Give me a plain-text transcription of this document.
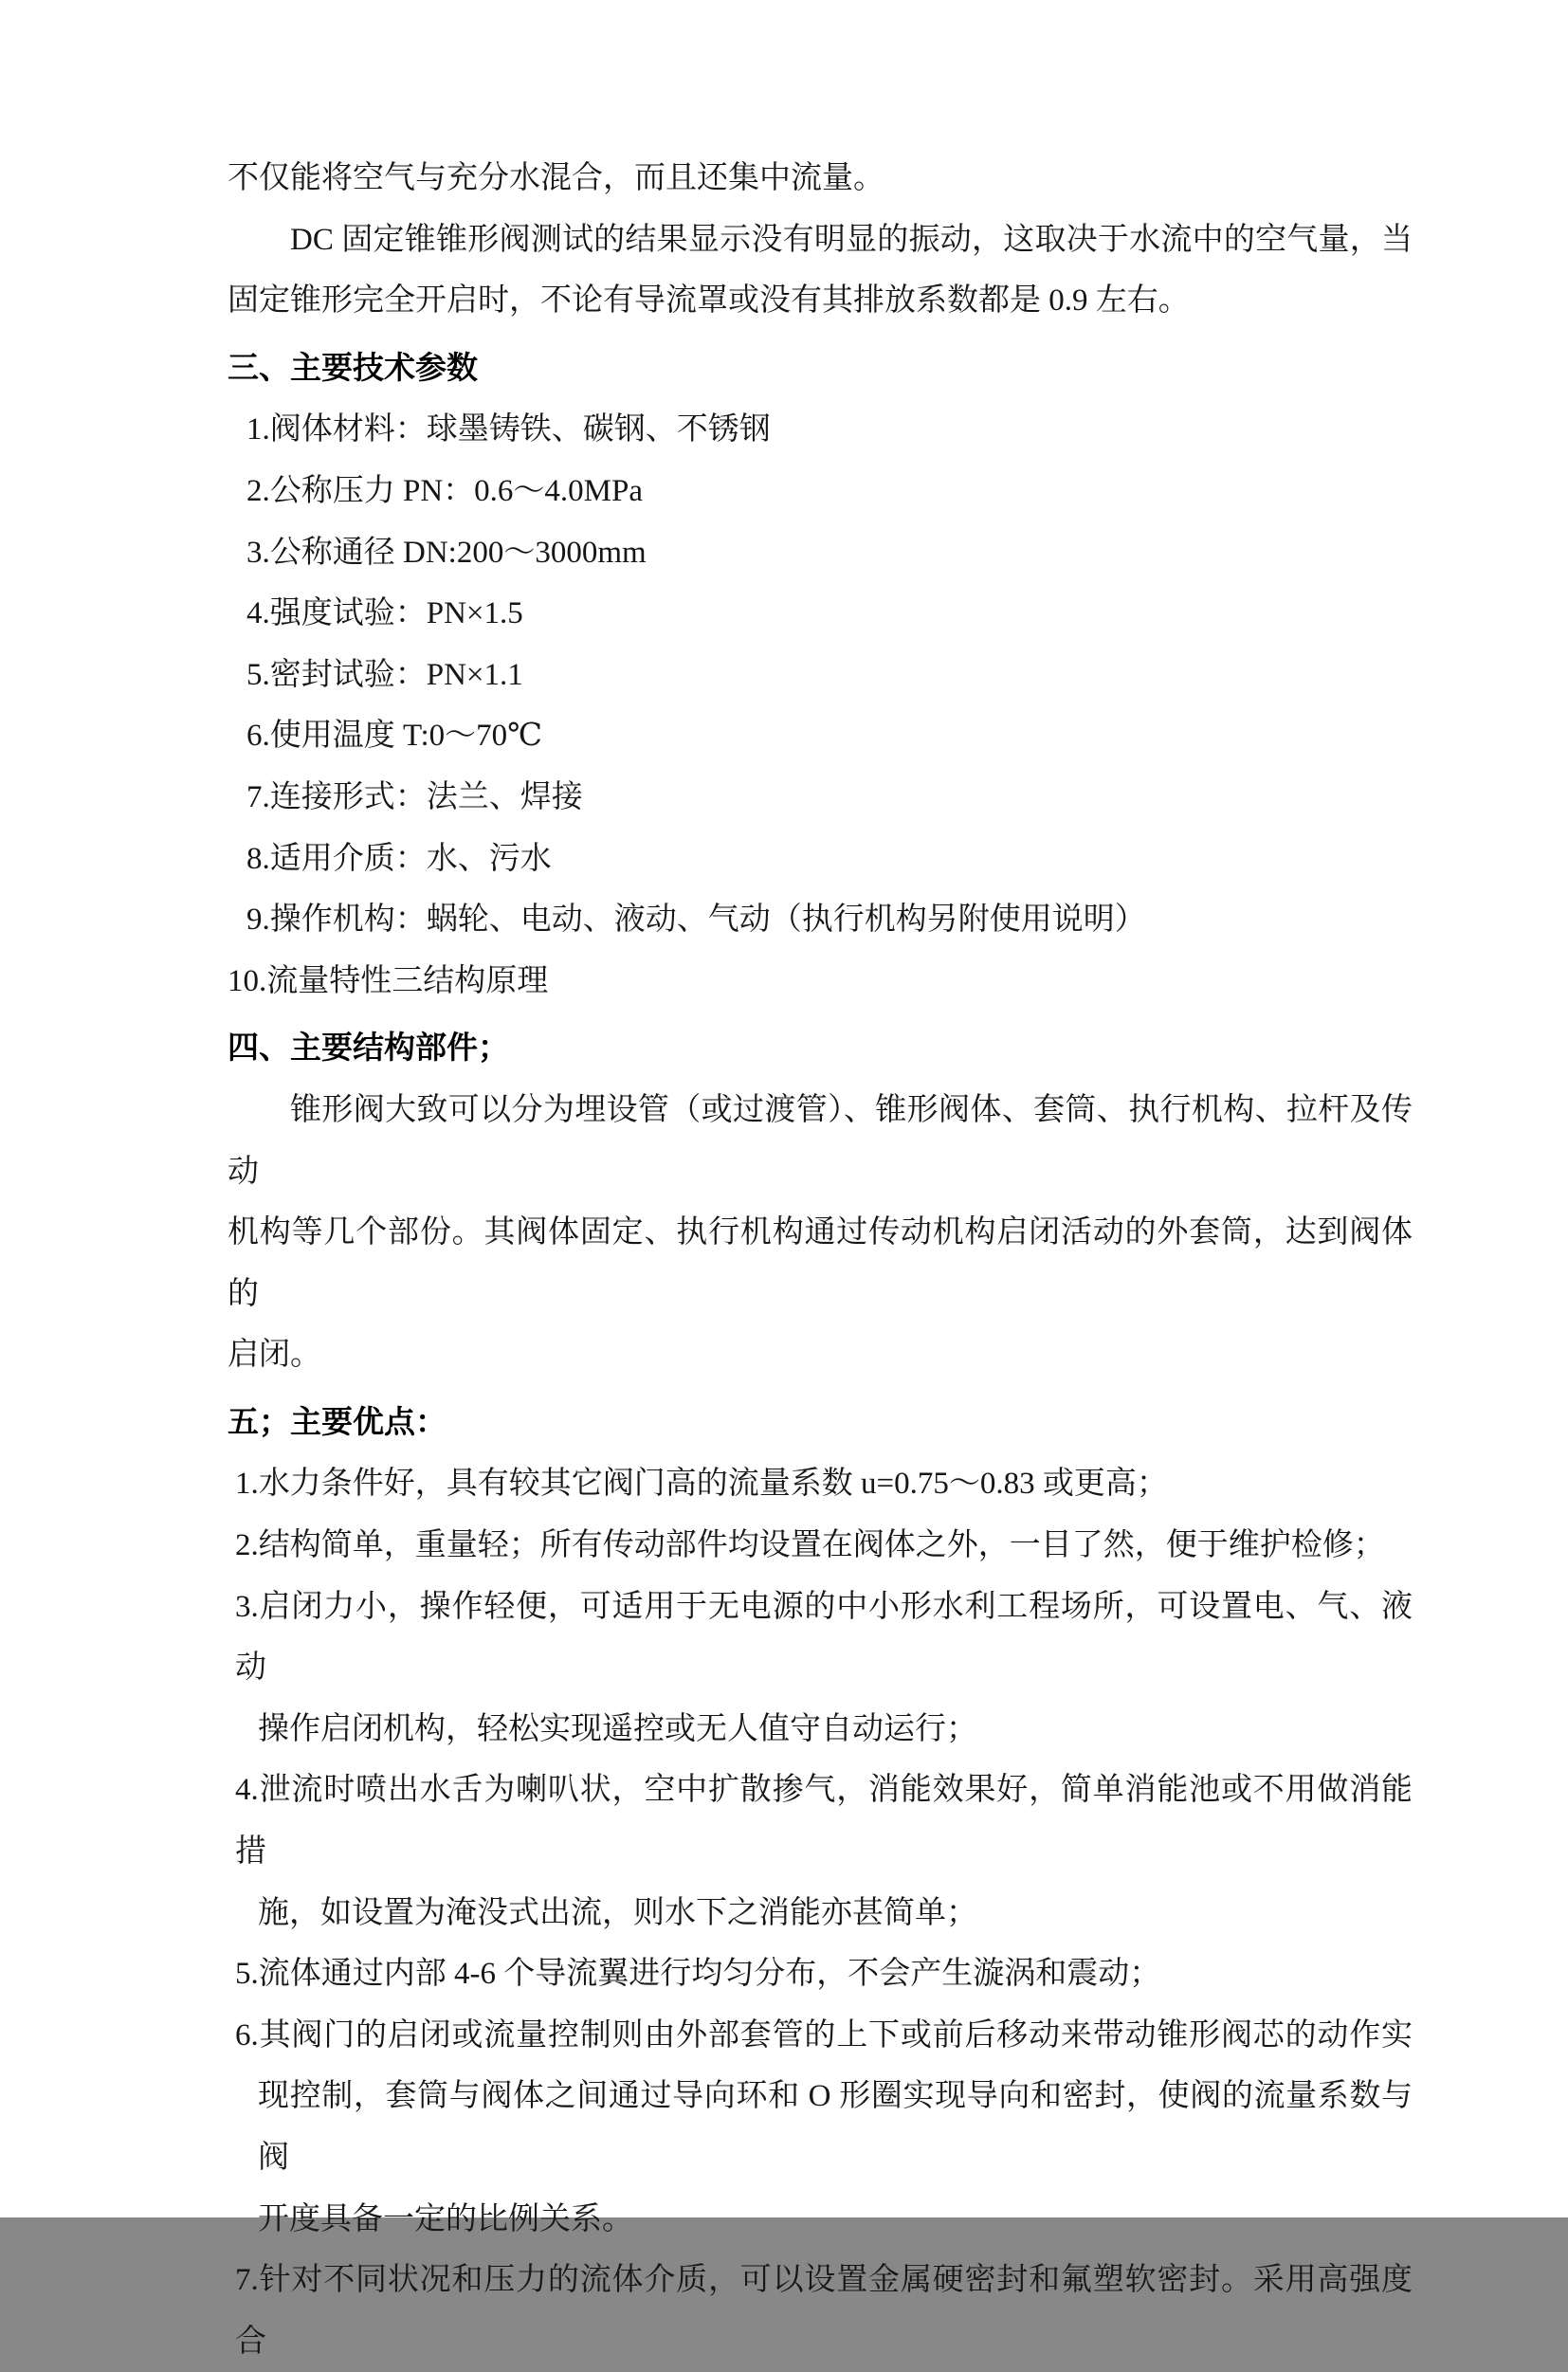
不仅能将空气与充分水混合，而且还集中流量。
DC 固定锥锥形阀测试的结果显示没有明显的振动，这取决于水流中的空气量，当
固定锥形完全开启时，不论有导流罩或没有其排放系数都是 0.9 左右。
三、主要技术参数
1.阀体材料：球墨铸铁、碳钢、不锈钢
2.公称压力 PN：0.6～4.0MPa
3.公称通径 DN:200～3000mm
4.强度试验：PN×1.5
5.密封试验：PN×1.1
6.使用温度 T:0～70℃
7.连接形式：法兰、焊接
8.适用介质：水、污水
9.操作机构：蜗轮、电动、液动、气动（执行机构另附使用说明）
10.流量特性三结构原理
四、主要结构部件；
锥形阀大致可以分为埋设管（或过渡管）、锥形阀体、套筒、执行机构、拉杆及传动
机构等几个部份。其阀体固定、执行机构通过传动机构启闭活动的外套筒，达到阀体的
启闭。
五；主要优点：
1.水力条件好，具有较其它阀门高的流量系数 u=0.75～0.83 或更高；
2.结构简单，重量轻；所有传动部件均设置在阀体之外，一目了然，便于维护检修；
3.启闭力小，操作轻便，可适用于无电源的中小形水利工程场所，可设置电、气、液动
操作启闭机构，轻松实现遥控或无人值守自动运行；
4.泄流时喷出水舌为喇叭状，空中扩散掺气，消能效果好，简单消能池或不用做消能措
施，如设置为淹没式出流，则水下之消能亦甚简单；
5.流体通过内部 4-6 个导流翼进行均匀分布，不会产生漩涡和震动；
6.其阀门的启闭或流量控制则由外部套管的上下或前后移动来带动锥形阀芯的动作实
现控制，套筒与阀体之间通过导向环和 O 形圈实现导向和密封，使阀的流量系数与阀
开度具备一定的比例关系。
7.针对不同状况和压力的流体介质，可以设置金属硬密封和氟塑软密封。采用高强度合
